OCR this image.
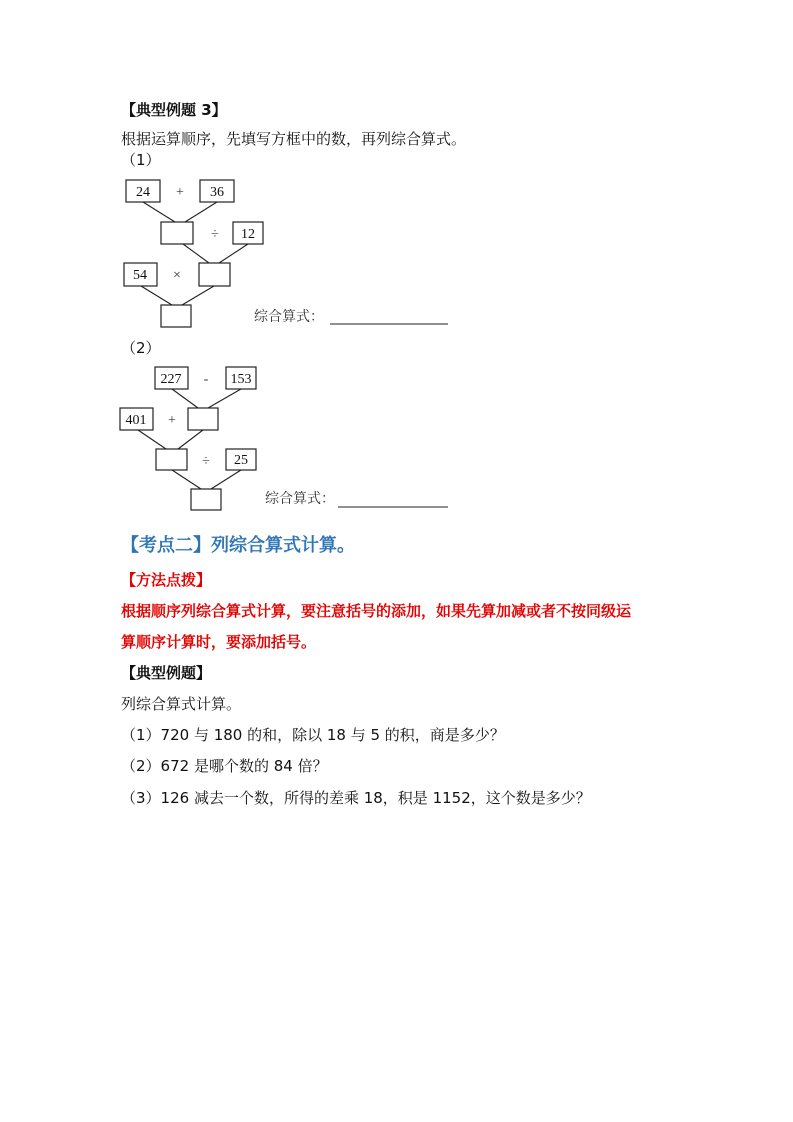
【典型例题 3】
根据运算顺序，先填写方框中的数，再列综合算式。
（1）
24 + 36
÷ 12
54 ×
综合算式：
227 - 153
401 +
÷ 25
综合算式：
（2）
【考点二】列综合算式计算。
【方法点拨】
根据顺序列综合算式计算，要注意括号的添加，如果先算加减或者不按同级运
算顺序计算时，要添加括号。
【典型例题】
列综合算式计算。
（1）720 与 180 的和，除以 18 与 5 的积，商是多少？
（2）672 是哪个数的 84 倍？
（3）126 减去一个数，所得的差乘 18，积是 1152，这个数是多少？
